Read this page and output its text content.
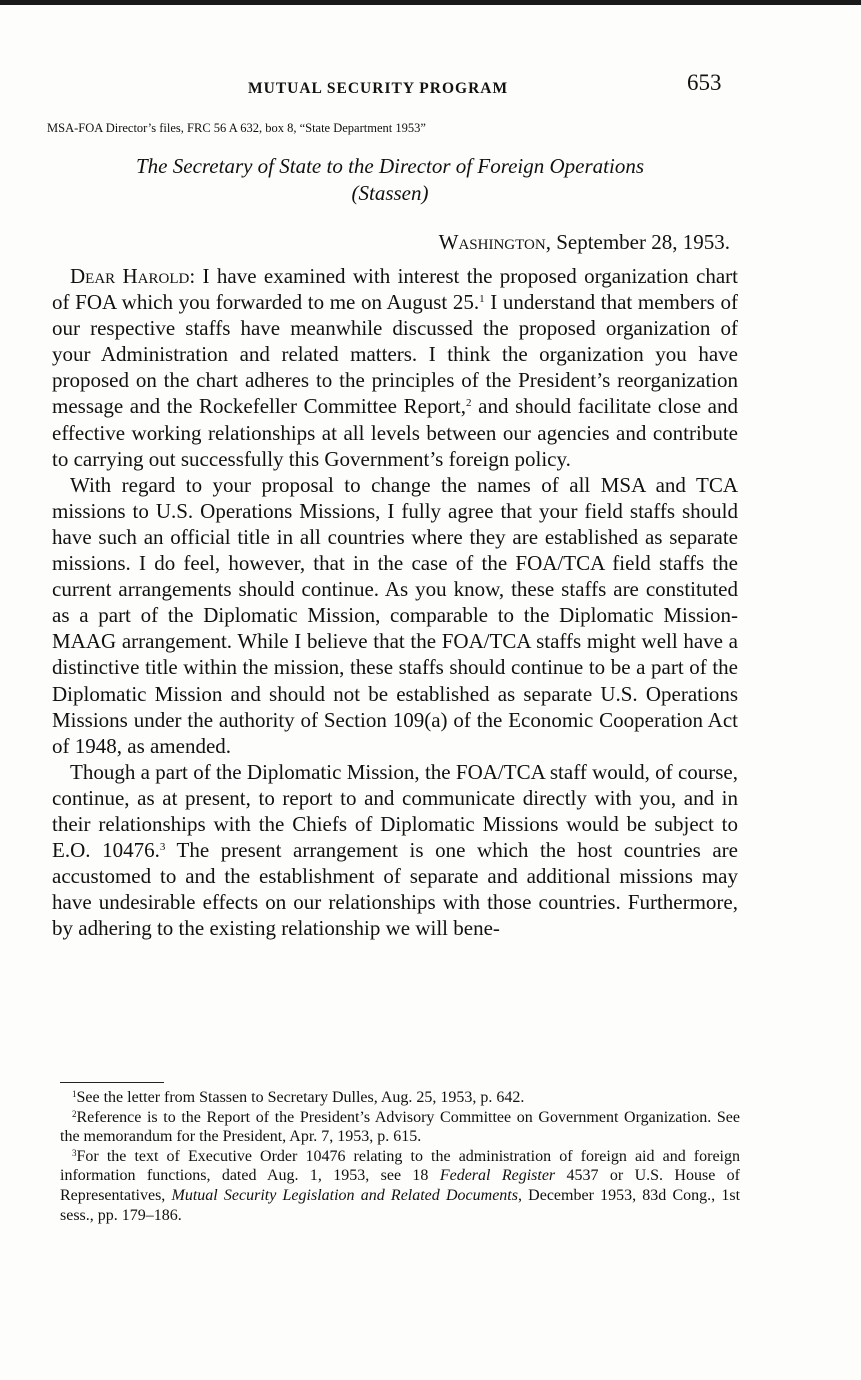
MUTUAL SECURITY PROGRAM	653
MSA-FOA Director’s files, FRC 56 A 632, box 8, “State Department 1953”
The Secretary of State to the Director of Foreign Operations
(Stassen)
Washington, September 28, 1953.

Dear Harold: I have examined with interest the proposed organization chart of FOA which you forwarded to me on August 25.$^1$ I understand that members of our respective staffs have meanwhile discussed the proposed organization of your Administration and related matters. I think the organization you have proposed on the chart adheres to the principles of the President’s reorganization message and the Rockefeller Committee Report,$^2$ and should facilitate close and effective working relationships at all levels between our agencies and contribute to carrying out successfully this Government’s foreign policy.

With regard to your proposal to change the names of all MSA and TCA missions to U.S. Operations Missions, I fully agree that your field staffs should have such an official title in all countries where they are established as separate missions. I do feel, however, that in the case of the FOA/TCA field staffs the current arrangements should continue. As you know, these staffs are constituted as a part of the Diplomatic Mission, comparable to the Diplomatic Mission-MAAG arrangement. While I believe that the FOA/TCA staffs might well have a distinctive title within the mission, these staffs should continue to be a part of the Diplomatic Mission and should not be established as separate U.S. Operations Missions under the authority of Section 109(a) of the Economic Cooperation Act of 1948, as amended.

Though a part of the Diplomatic Mission, the FOA/TCA staff would, of course, continue, as at present, to report to and communicate directly with you, and in their relationships with the Chiefs of Diplomatic Missions would be subject to E.O. 10476.$^3$ The present arrangement is one which the host countries are accustomed to and the establishment of separate and additional missions may have undesirable effects on our relationships with those countries. Furthermore, by adhering to the existing relationship we will bene-

$^1$See the letter from Stassen to Secretary Dulles, Aug. 25, 1953, p. 642.

$^2$Reference is to the Report of the President’s Advisory Committee on Government Organization. See the memorandum for the President, Apr. 7, 1953, p. 615.

$^3$For the text of Executive Order 10476 relating to the administration of foreign aid and foreign information functions, dated Aug. 1, 1953, see 18 Federal Register 4537 or U.S. House of Representatives, Mutual Security Legislation and Related Documents, December 1953, 83d Cong., 1st sess., pp. 179–186.
